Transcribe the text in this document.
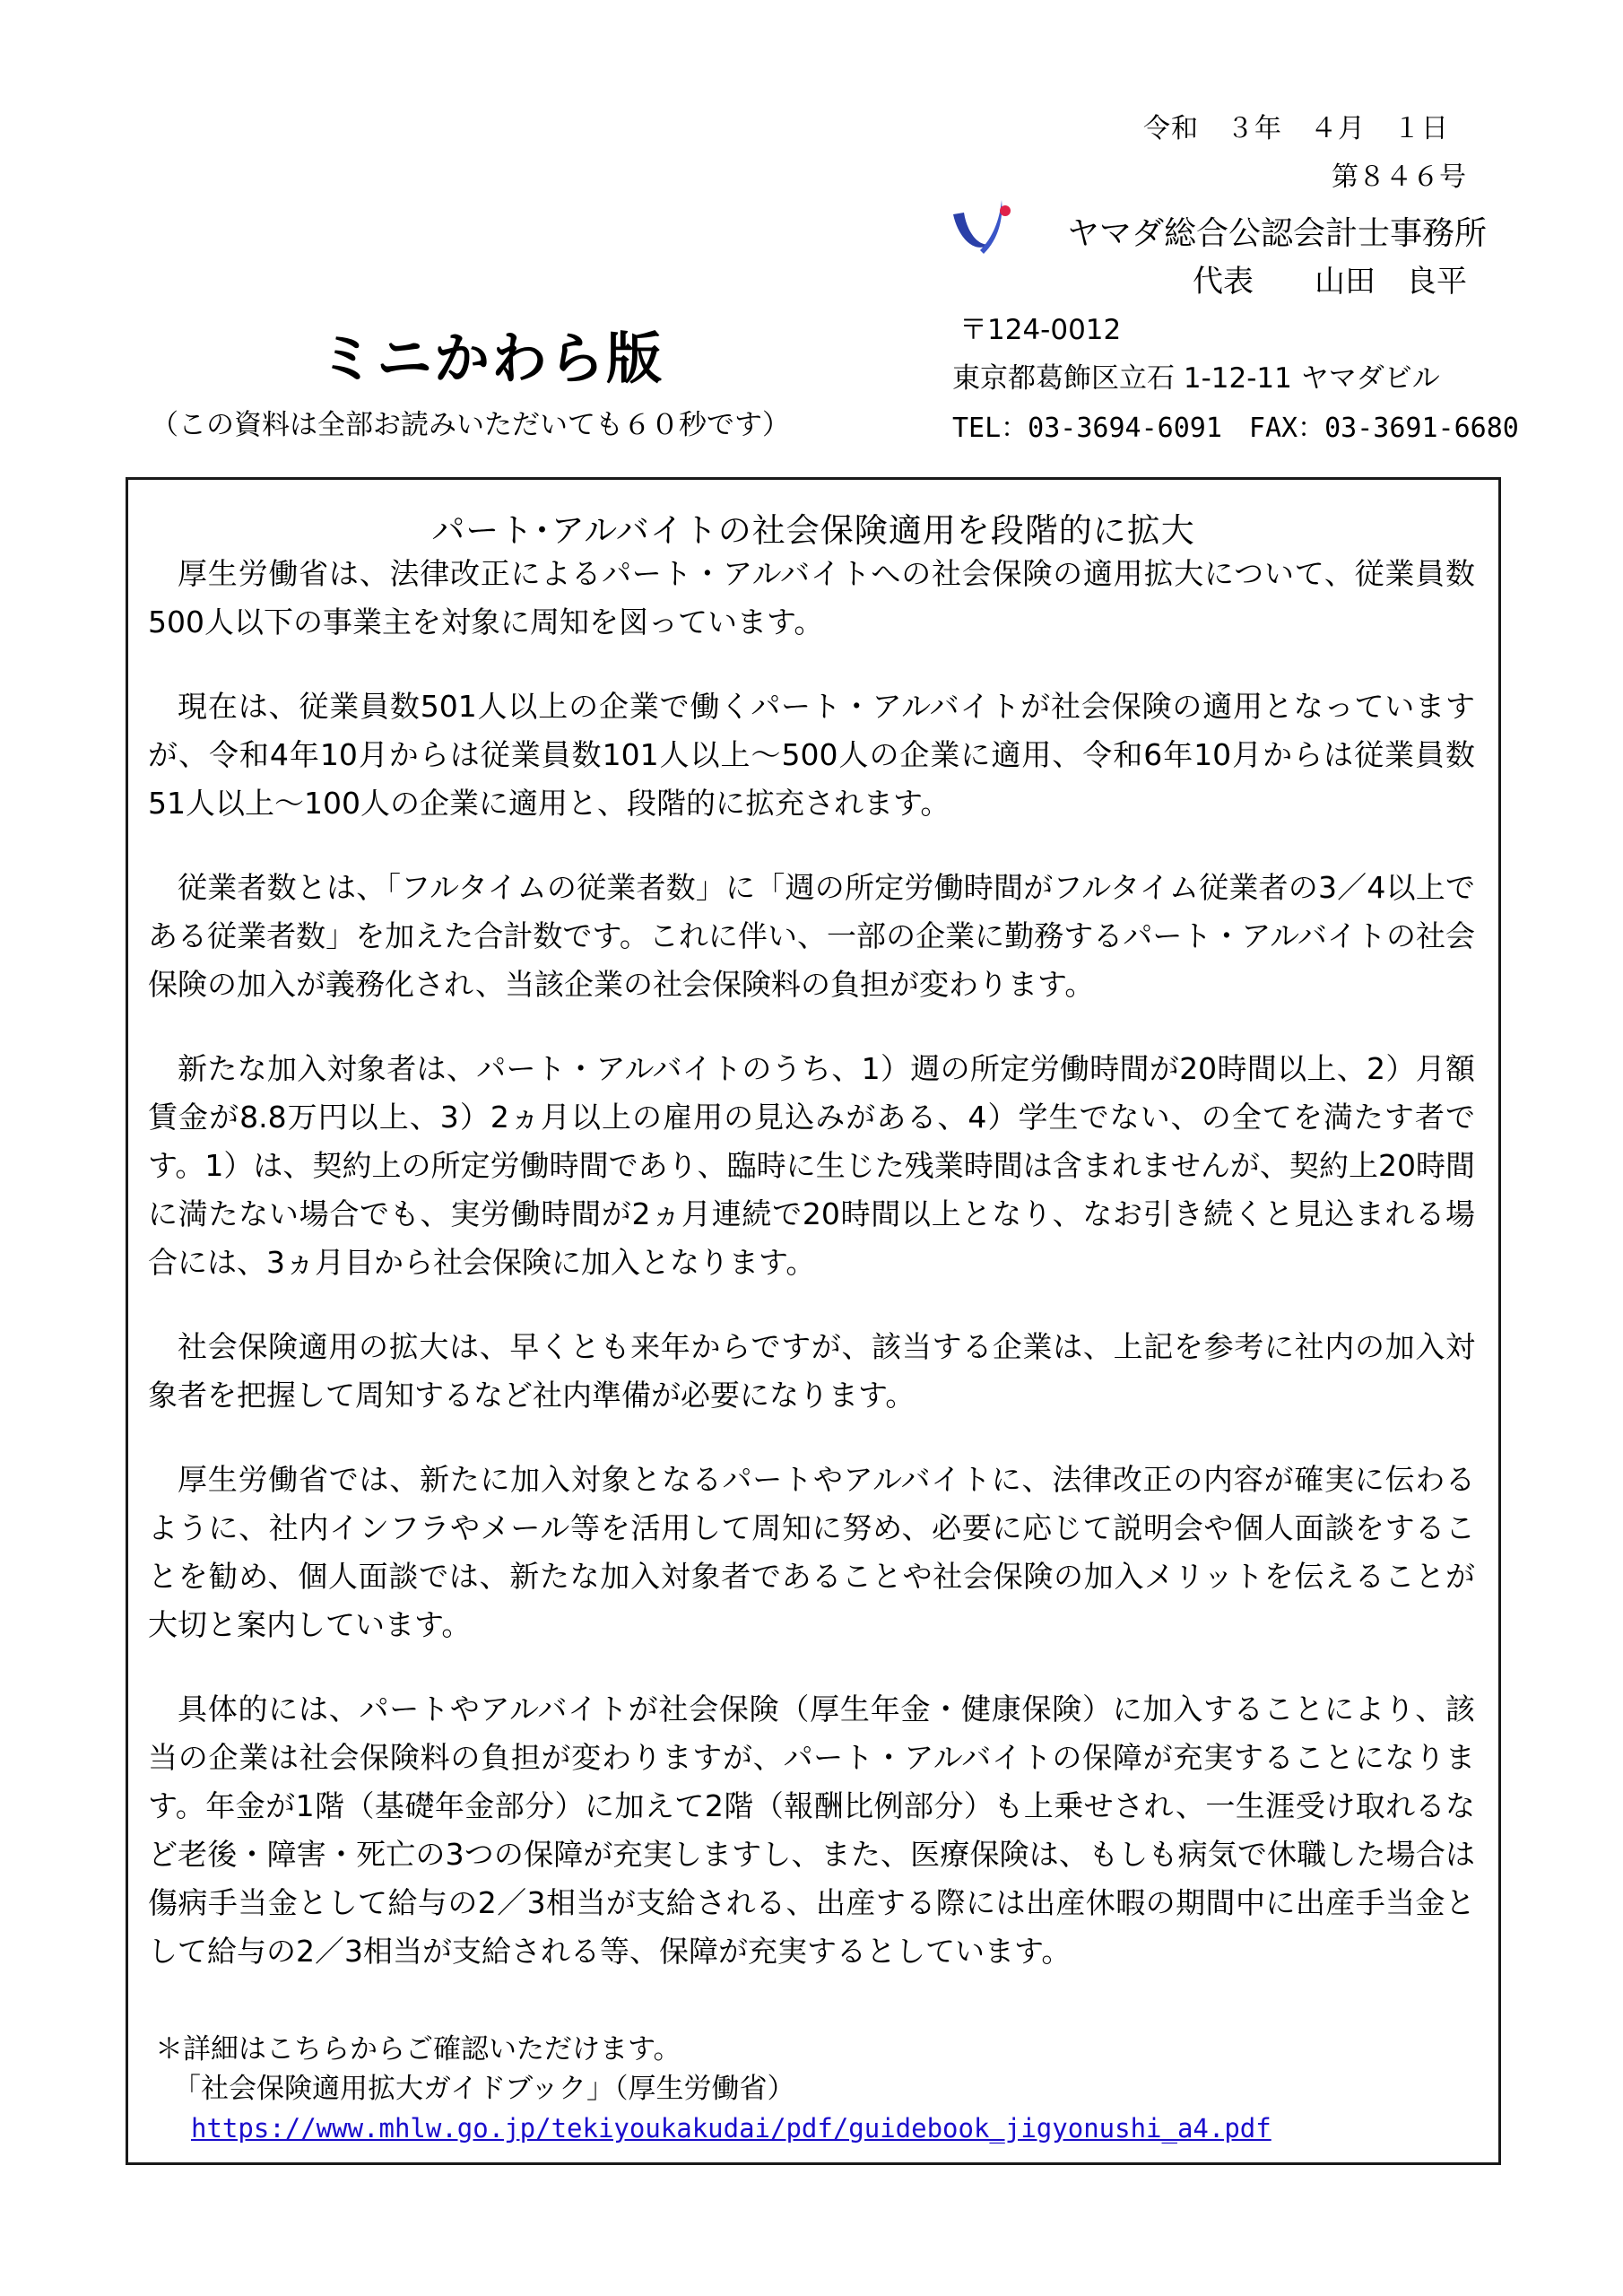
令和　３年　４月　１日
第８４６号
ヤマダ総合公認会計士事務所
代表　　山田　良平
ミニかわら版
（この資料は全部お読みいただいても６０秒です）
〒124-0012
東京都葛飾区立石 1-12-11 ヤマダビル
TEL：03-3694-6091　FAX：03-3691-6680
パート･アルバイトの社会保険適用を段階的に拡大

厚生労働省は、法律改正によるパート・アルバイトへの社会保険の適用拡大について、従業員数500人以下の事業主を対象に周知を図っています。

現在は、従業員数501人以上の企業で働くパート・アルバイトが社会保険の適用となっていますが、令和4年10月からは従業員数101人以上～500人の企業に適用、令和6年10月からは従業員数51人以上～100人の企業に適用と、段階的に拡充されます。

従業者数とは、「フルタイムの従業者数」に「週の所定労働時間がフルタイム従業者の3／4以上である従業者数」を加えた合計数です。これに伴い、一部の企業に勤務するパート・アルバイトの社会保険の加入が義務化され、当該企業の社会保険料の負担が変わります。

新たな加入対象者は、パート・アルバイトのうち、1）週の所定労働時間が20時間以上、2）月額賃金が8.8万円以上、3）2ヵ月以上の雇用の見込みがある、4）学生でない、の全てを満たす者です。1）は、契約上の所定労働時間であり、臨時に生じた残業時間は含まれませんが、契約上20時間に満たない場合でも、実労働時間が2ヵ月連続で20時間以上となり、なお引き続くと見込まれる場合には、3ヵ月目から社会保険に加入となります。

社会保険適用の拡大は、早くとも来年からですが、該当する企業は、上記を参考に社内の加入対象者を把握して周知するなど社内準備が必要になります。

厚生労働省では、新たに加入対象となるパートやアルバイトに、法律改正の内容が確実に伝わるように、社内インフラやメール等を活用して周知に努め、必要に応じて説明会や個人面談をすることを勧め、個人面談では、新たな加入対象者であることや社会保険の加入メリットを伝えることが大切と案内しています。

具体的には、パートやアルバイトが社会保険（厚生年金・健康保険）に加入することにより、該当の企業は社会保険料の負担が変わりますが、パート・アルバイトの保障が充実することになります。年金が1階（基礎年金部分）に加えて2階（報酬比例部分）も上乗せされ、一生涯受け取れるなど老後・障害・死亡の3つの保障が充実しますし、また、医療保険は、もしも病気で休職した場合は傷病手当金として給与の2／3相当が支給される、出産する際には出産休暇の期間中に出産手当金として給与の2／3相当が支給される等、保障が充実するとしています。

＊詳細はこちらからご確認いただけます。
「社会保険適用拡大ガイドブック」（厚生労働省）
https://www.mhlw.go.jp/tekiyoukakudai/pdf/guidebook_jigyonushi_a4.pdf
